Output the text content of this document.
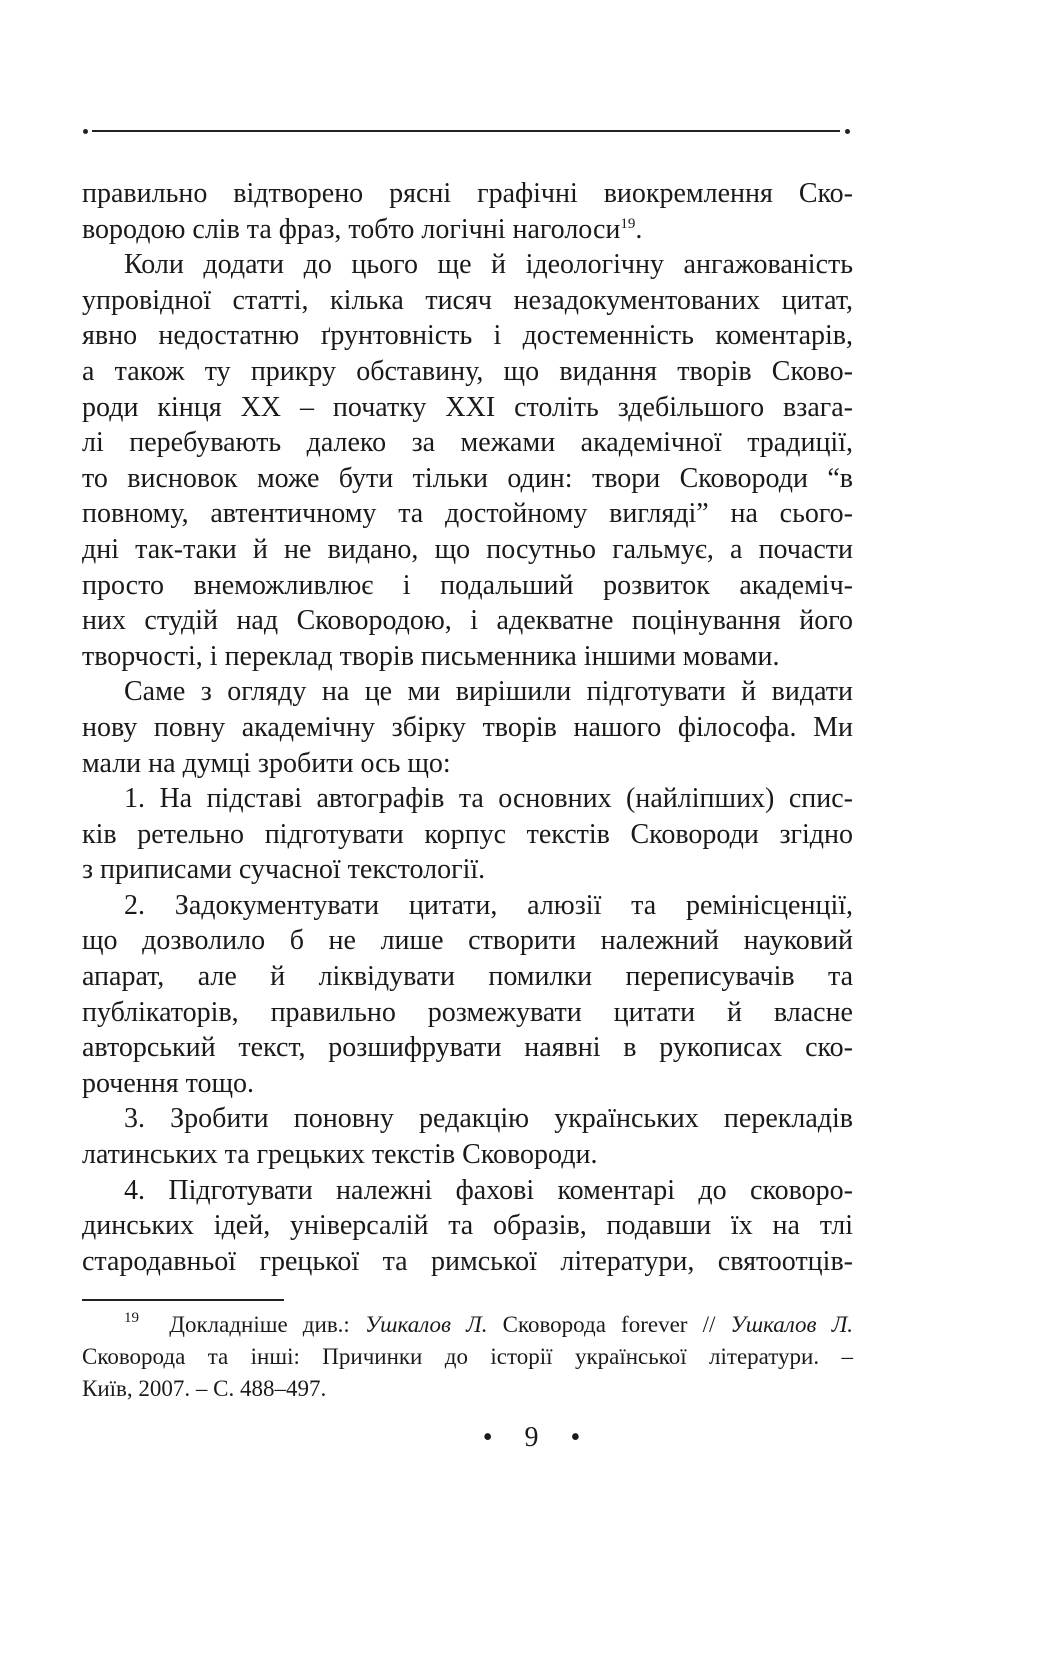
правильно відтворено рясні графічні виокремлення Ско-
вородою слів та фраз, тобто логічні наголоси$^{19}$.
Коли додати до цього ще й ідеологічну ангажованість
упровідної статті, кілька тисяч незадокументованих цитат,
явно недостатню ґрунтовність і достеменність коментарів,
а також ту прикру обставину, що видання творів Сково-
роди кінця XX – початку XXI століть здебільшого взага-
лі перебувають далеко за межами академічної традиції,
то висновок може бути тільки один: твори Сковороди “в
повному, автентичному та достойному вигляді” на сього-
дні так-таки й не видано, що посутньо гальмує, а почасти
просто внеможливлює і подальший розвиток академіч-
них студій над Сковородою, і адекватне поцінування його
творчості, і переклад творів письменника іншими мовами.
Саме з огляду на це ми вирішили підготувати й видати
нову повну академічну збірку творів нашого філософа. Ми
мали на думці зробити ось що:
1. На підставі автографів та основних (найліпших) спис-
ків ретельно підготувати корпус текстів Сковороди згідно
з приписами сучасної текстології.
2. Задокументувати цитати, алюзії та ремінісценції,
що дозволило б не лише створити належний науковий
апарат, але й ліквідувати помилки переписувачів та
публікаторів, правильно розмежувати цитати й власне
авторський текст, розшифрувати наявні в рукописах ско-
рочення тощо.
3. Зробити поновну редакцію українських перекладів
латинських та грецьких текстів Сковороди.
4. Підготувати належні фахові коментарі до сковоро-
динських ідей, універсалій та образів, подавши їх на тлі
стародавньої грецької та римської літератури, святоотців-
$^{19}$ Докладніше див.: Ушкалов Л. Сковорода forever // Ушкалов Л.
Сковорода та інші: Причинки до історії української літератури. –
Київ, 2007. – С. 488–497.
• 9 •
